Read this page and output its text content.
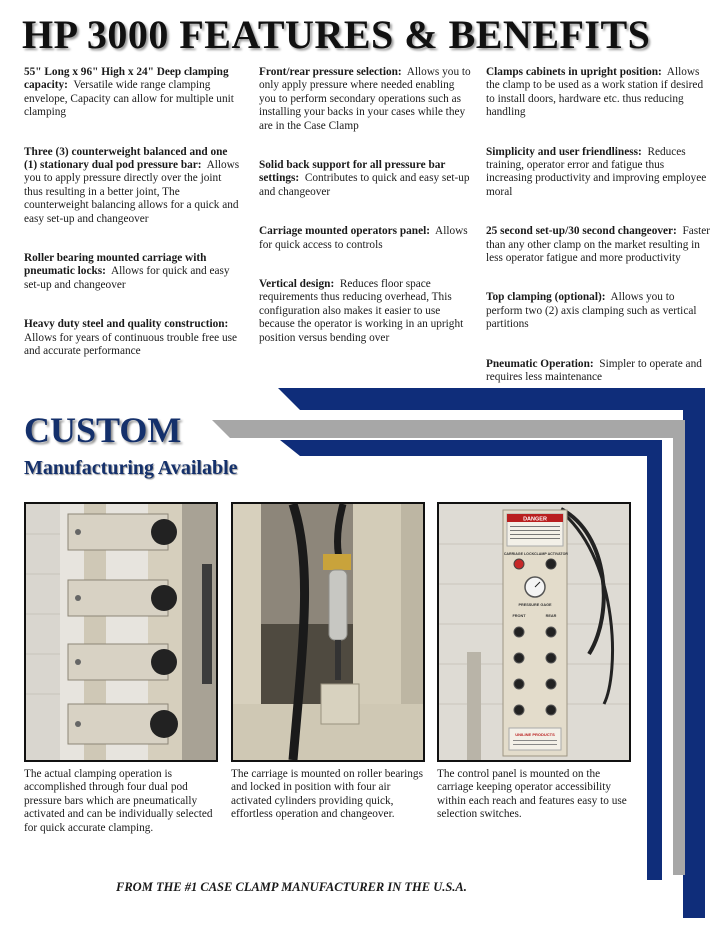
HP 3000 FEATURES & BENEFITS

55" Long x 96" High x 24" Deep clamping capacity: Versatile wide range clamping envelope, Capacity can allow for multiple unit clamping

Three (3) counterweight balanced and one (1) stationary dual pod pressure bar: Allows you to apply pressure directly over the joint thus resulting in a better joint, The counterweight balancing allows for a quick and easy set-up and changeover

Roller bearing mounted carriage with pneumatic locks: Allows for quick and easy set-up and changeover

Heavy duty steel and quality construction:  Allows for years of continuous trouble free use and accurate performance

Front/rear pressure selection: Allows you to only apply pressure where needed enabling you to perform secondary operations such as installing your backs in your cases while they are in the Case Clamp

Solid back support for all pressure bar settings: Contributes to quick and easy set-up and changeover

Carriage mounted operators panel: Allows for quick access to controls

Vertical design: Reduces floor space requirements thus reducing overhead, This configuration also makes it easier to use because the operator is working in an upright position versus bending over

Clamps cabinets in upright position: Allows the clamp to be used as a work station if desired to install doors, hardware etc. thus reducing handling

Simplicity and user friendliness: Reduces training, operator error and fatigue thus increasing productivity and improving employee moral

25 second set-up/30 second changeover: Faster than any other clamp on the market resulting in less operator fatigue and more productivity

Top clamping (optional): Allows you to perform two (2) axis clamping such as vertical partitions

Pneumatic Operation: Simpler to operate and requires less maintenance

CUSTOM
Manufacturing Available
DANGER
CARRIAGE LOCK CLAMP ACTIVATOR
PRESSURE GAGE
FRONT	REAR
UNILINE PRODUCTS

The actual clamping operation is accomplished through four dual pod pressure bars which are pneumatically activated and can be individually selected for quick accurate clamping.

The carriage is mounted on roller bearings and locked in position with four air activated cylinders providing quick, effortless operation and changeover.

The control panel is mounted on the carriage keeping operator accessibility within each reach and features easy to use selection switches.

FROM THE #1 CASE CLAMP MANUFACTURER IN THE U.S.A.
